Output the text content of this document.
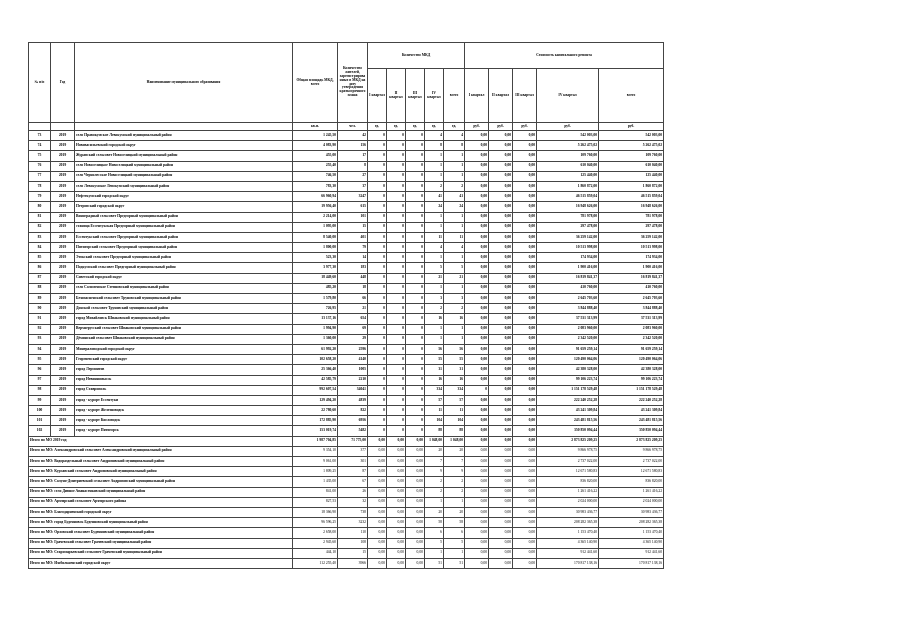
№ п/п	Год	Наименование муниципального образования	Общая площадь МКД, всего	Количество жителей, зарегистрированных в МКД на дату утверждения краткосрочного плана	Количество МКД					Стоимость капитального ремонта				
					I квартал	II квартал	III квартал	IV квартал	всего	I квартал	II квартал	III квартал	IV квартал	всего
			кв.м.	чел.	ед.	ед.	ед.	ед.	ед.	руб.	руб.	руб.	руб.	руб.
73	2019	село Правокумское Левокумский муниципальный район	1 245,50	42	0	0	0	4	4	0,00	0,00	0,00	542 003,00	542 003,00
74	2019	Нововасильевский городской округ	4 083,90	156	0	0	0	8	8	0,00	0,00	0,00	5 262 475,02	5 262 475,02
75	2019	Журавский сельсовет Новоселицкий муниципальный район	455,00	17	0	0	0	1	1	0,00	0,00	0,00	109 760,00	109 760,00
76	2019	село Новоселицкое Новоселицкий муниципальный район	255,40	8	0	0	0	1	1	0,00	0,00	0,00	610 040,00	610 040,00
77	2019	село Чернолесское Новоселицкий муниципальный район	746,50	27	0	0	0	1	1	0,00	0,00	0,00	125 440,00	125 440,00
78	2019	село Левокумское Левокумский муниципальный район	783,30	37	0	0	0	2	2	0,00	0,00	0,00	1 860 872,00	1 860 872,00
79	2019	Нефтекумский городской округ	66 960,94	3247	0	0	0	41	41	0,00	0,00	0,00	46 515 859,04	46 515 859,04
80	2019	Петровский городской округ	19 956,40	615	0	0	0	24	24	0,00	0,00	0,00	16 948 626,00	16 948 626,00
81	2019	Виноградный сельсовет Предгорный муниципальный район	2 214,00	101	0	0	0	1	1	0,00	0,00	0,00	781 978,00	781 978,00
82	2019	станица Ессентукская Предгорный муниципальный район	1 095,00	15	0	0	0	1	1	0,00	0,00	0,00	297 478,00	297 478,00
83	2019	Ессентукский сельсовет Предгорный муниципальный район	8 540,00	401	0	0	0	11	11	0,00	0,00	0,00	36 259 142,00	36 259 142,00
84	2019	Пятигорский сельсовет Предгорный муниципальный район	1 800,00	79	0	0	0	4	4	0,00	0,00	0,00	10 513 998,00	10 513 998,00
85	2019	Этокский сельсовет Предгорный муниципальный район	523,30	14	0	0	0	1	1	0,00	0,00	0,00	174 934,00	174 934,00
86	2019	Подкумский сельсовет Предгорный муниципальный район	3 977,30	183	0	0	0	5	5	0,00	0,00	0,00	1 900 416,00	1 900 416,00
87	2019	Советский городской округ	18 449,60	448	0	0	0	21	21	0,00	0,00	0,00	16 819 841,37	16 819 841,37
88	2019	село Соломенское Степновский муниципальный район	485,20	18	0	0	0	1	1	0,00	0,00	0,00	410 760,00	410 760,00
89	2019	Безопасненский сельсовет Труновский муниципальный район	1 579,80	66	0	0	0	3	3	0,00	0,00	0,00	2 645 703,60	2 645 703,60
90	2019	Донской сельсовет Труновский муниципальный район	726,95	21	0	0	0	2	2	0,00	0,00	0,00	3 844 888,40	3 844 888,40
91	2019	город Михайловск Шпаковский муниципальный район	13 137,16	654	0	0	0	16	16	0,00	0,00	0,00	37 531 313,99	37 531 313,99
92	2019	Верхнерусский сельсовет Шпаковский муниципальный район	1 994,90	69	0	0	0	1	1	0,00	0,00	0,00	2 083 960,00	2 083 960,00
93	2019	Дёминский сельсовет Шпаковский муниципальный район	1 360,00	29	0	0	0	1	1	0,00	0,00	0,00	2 342 520,00	2 342 520,00
94	2019	Минераловодский городской округ	61 992,20	2596	0	0	0	56	56	0,00	0,00	0,00	91 659 259,14	91 659 259,14
95	2019	Георгиевский городской округ	102 658,20	4140	0	0	0	55	55	0,00	0,00	0,00	120 490 064,06	120 490 064,06
96	2019	город Лермонтов	25 366,40	1005	0	0	0	31	31	0,00	0,00	0,00	42 380 328,00	42 380 328,00
97	2019	город Невинномысск	42 585,79	2210	0	0	0	16	16	0,00	0,00	0,00	99 106 223,74	99 106 223,74
98	2019	город Ставрополь	992 607,54	34041	0	0	0	334	334	0	0,00	0,00	1 151 178 529,48	1 151 178 529,48
99	2019	город - курорт Ессентуки	129 494,20	4839	0	0	0	57	57	0,00	0,00	0,00	222 240 252,28	222 240 252,28
100	2019	город - курорт Железноводск	22 780,60	822	0	0	0	11	11	0,00	0,00	0,00	43 241 309,84	43 241 309,84
101	2019	город - курорт Кисловодск	172 885,90	6956	0	0	0	104	104	0,00	0,00	0,00	243 481 815,56	243 481 815,56
102	2019	город - курорт Пятигорск	153 019,74	5482	0	0	0	88	88	0,00	0,00	0,00	350 850 094,44	350 850 094,44
Итого по МО 2019 год			1 987 704,85	71 775,00	0,00	0,00	0,00	1 048,00	1 048,00	0,00	0,00	0,00	2 873 825 209,25	2 873 825 209,25
Итого по МО: Александровский сельсовет Александровский муниципальный район			9 354,10	377	0,00	0,00	0,00	20	20	0,00	0,00	0,00	9 866 978,75	9 866 978,75
Итого по МО: Водораздельный сельсовет Андроповский муниципальный район			9 061,00	301	0,00	0,00	0,00	7	7	0,00	0,00	0,00	2 737 022,00	2 737 022,00
Итого по МО: Курсавский сельсовет Андроповский муниципальный район			1 809,25	87	0,00	0,00	0,00	9	9	0,00	0,00	0,00	12 671 580,83	12 671 580,83
Итого по МО: Солуно-Дмитриевский сельсовет Андроповский муниципальный район			1 435,00	67	0,00	0,00	0,00	2	2	0,00	0,00	0,00	836 820,00	836 820,00
Итого по МО: село Дивное Апанасенковский муниципальный район			841,00	26	0,00	0,00	0,00	2	2	0,00	0,00	0,00	1 261 416,22	1 261 416,22
Итого по МО: Арзгирский сельсовет Арзгирского района			827,53	32	0,00	0,00	0,00	1	1	0,00	0,00	0,00	2 024 000,00	2 024 000,00
Итого по МО: Благодарненский городской округ			18 366,90	738	0,00	0,00	0,00	20	20	0,00	0,00	0,00	30 983 436,77	30 983 436,77
Итого по МО: город Буденновск Буденновский муниципальный район			96 596,25	3232	0,00	0,00	0,00	58	58	0,00	0,00	0,00	208 282 365,38	208 282 365,38
Итого по МО: Орловский сельсовет Буденновский муниципальный район			2 658,00	110	0,00	0,00	0,00	6	6	0,00	0,00	0,00	1 153 470,40	1 153 470,40
Итого по МО: Грачевский сельсовет Грачевский муниципальный район			2 945,60	108	0,00	0,00	0,00	5	5	0,00	0,00	0,00	4 365 140,90	4 365 140,90
Итого по МО: Старомарьевский сельсовет Грачевский муниципальный район			444,10	15	0,00	0,00	0,00	1	1	0,00	0,00	0,00	912 441,60	912 441,60
Итого по МО: Изобильненский городской округ			112 255,40	3966	0,00	0,00	0,00	51	51	0,00	0,00	0,00	170 817 138,16	170 817 138,16
